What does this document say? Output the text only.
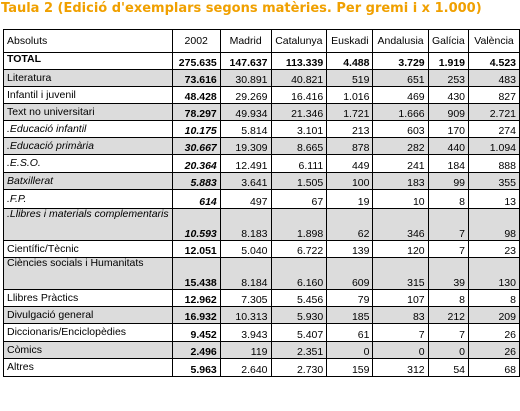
Taula 2 (Edició d'exemplars segons matèries. Per gremi i x 1.000)
Absoluts	2002	Madrid	Catalunya	Euskadi	Andalusia	Galícia	València
TOTAL	275.635	147.637	113.339	4.488	3.729	1.919	4.523
Literatura	73.616	30.891	40.821	519	651	253	483
Infantil i juvenil	48.428	29.269	16.416	1.016	469	430	827
Text no universitari	78.297	49.934	21.346	1.721	1.666	909	2.721
.Educació infantil	10.175	5.814	3.101	213	603	170	274
.Educació primària	30.667	19.309	8.665	878	282	440	1.094
.E.S.O.	20.364	12.491	6.111	449	241	184	888
Batxillerat	5.883	3.641	1.505	100	183	99	355
.F.P.	614	497	67	19	10	8	13
.Llibres i materials complementaris	10.593	8.183	1.898	62	346	7	98
Científic/Tècnic	12.051	5.040	6.722	139	120	7	23
Ciències socials i Humanitats	15.438	8.184	6.160	609	315	39	130
Llibres Pràctics	12.962	7.305	5.456	79	107	8	8
Divulgació general	16.932	10.313	5.930	185	83	212	209
Diccionaris/Enciclopèdies	9.452	3.943	5.407	61	7	7	26
Còmics	2.496	119	2.351	0	0	0	26
Altres	5.963	2.640	2.730	159	312	54	68
